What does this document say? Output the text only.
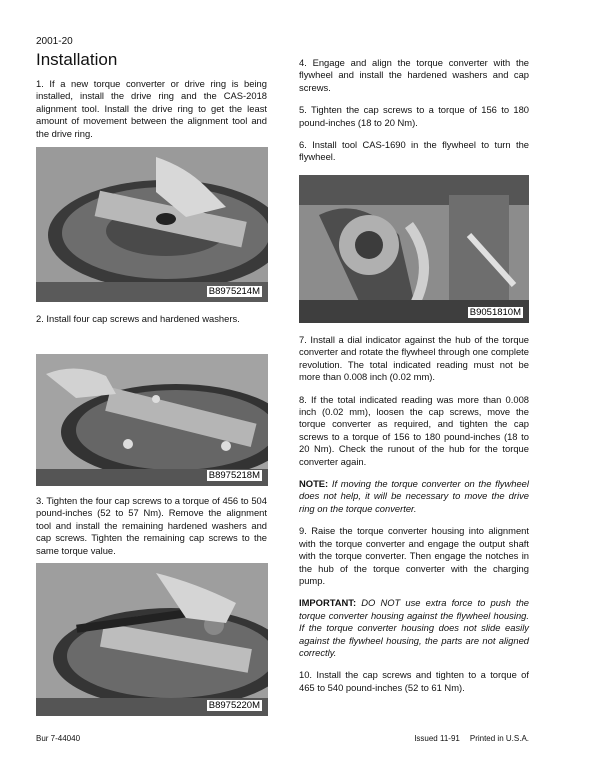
2001-20
Installation

1. If a new torque converter or drive ring is being installed, install the drive ring and the CAS-2018 alignment tool. Install the drive ring to get the least amount of movement between the alignment tool and the drive ring.

B8975214M

2. Install four cap screws and hardened washers.

B8975218M

3. Tighten the four cap screws to a torque of 456 to 504 pound-inches (52 to 57 Nm). Remove the alignment tool and install the remaining hardened washers and cap screws. Tighten the remaining cap screws to the same torque value.

B8975220M

4. Engage and align the torque converter with the flywheel and install the hardened washers and cap screws.

5. Tighten the cap screws to a torque of 156 to 180 pound-inches (18 to 20 Nm).

6. Install tool CAS-1690 in the flywheel to turn the flywheel.

B9051810M

7. Install a dial indicator against the hub of the torque converter and rotate the flywheel through one complete revolution. The total indicated reading must not be more than 0.008 inch (0.02 mm).

8. If the total indicated reading was more than 0.008 inch (0.02 mm), loosen the cap screws, move the torque converter as required, and tighten the cap screws to a torque of 156 to 180 pound-inches (18 to 20 Nm). Check the runout of the hub for the torque converter again.

NOTE: If moving the torque converter on the flywheel does not help, it will be necessary to move the drive ring on the torque converter.

9. Raise the torque converter housing into alignment with the torque converter and engage the output shaft with the torque converter. Then engage the notches in the hub of the torque converter with the charging pump.

IMPORTANT: DO NOT use extra force to push the torque converter housing against the flywheel housing. If the torque converter housing does not slide easily against the flywheel housing, the parts are not aligned correctly.

10. Install the cap screws and tighten to a torque of 465 to 540 pound-inches (52 to 61 Nm).

Bur 7-44040	Issued 11-91 Printed in U.S.A.
